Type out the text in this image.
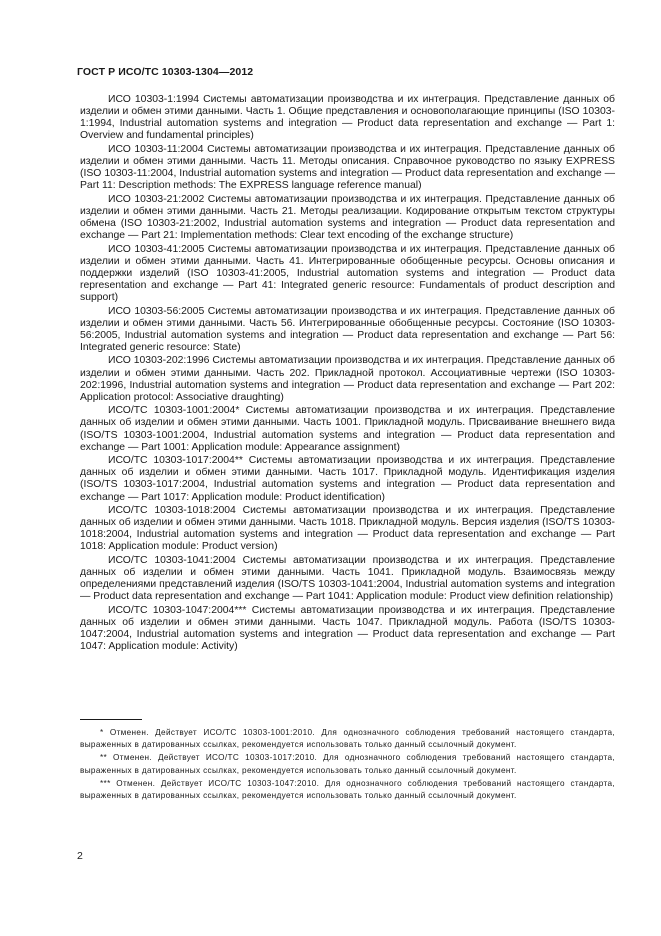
ГОСТ Р ИСО/ТС 10303-1304—2012

ИСО 10303-1:1994 Системы автоматизации производства и их интеграция. Представление данных об изделии и обмен этими данными. Часть 1. Общие представления и основополагающие принципы (ISO 10303-1:1994, Industrial automation systems and integration — Product data representation and exchange — Part 1: Overview and fundamental principles)

ИСО 10303-11:2004 Системы автоматизации производства и их интеграция. Представление данных об изделии и обмен этими данными. Часть 11. Методы описания. Справочное руководство по языку EXPRESS (ISO 10303-11:2004, Industrial automation systems and integration — Product data representation and exchange — Part 11: Description methods: The EXPRESS language reference manual)

ИСО 10303-21:2002 Системы автоматизации производства и их интеграция. Представление данных об изделии и обмен этими данными. Часть 21. Методы реализации. Кодирование открытым текстом структуры обмена (ISO 10303-21:2002, Industrial automation systems and integration — Product data representation and exchange — Part 21: Implementation methods: Clear text encoding of the exchange structure)

ИСО 10303-41:2005 Системы автоматизации производства и их интеграция. Представление данных об изделии и обмен этими данными. Часть 41. Интегрированные обобщенные ресурсы. Основы описания и поддержки изделий (ISO 10303-41:2005, Industrial automation systems and integration — Product data representation and exchange — Part 41: Integrated generic resource: Fundamentals of product description and support)

ИСО 10303-56:2005 Системы автоматизации производства и их интеграция. Представление данных об изделии и обмен этими данными. Часть 56. Интегрированные обобщенные ресурсы. Состояние (ISO 10303-56:2005, Industrial automation systems and integration — Product data representation and exchange — Part 56: Integrated generic resource: State)

ИСО 10303-202:1996 Системы автоматизации производства и их интеграция. Представление данных об изделии и обмен этими данными. Часть 202. Прикладной протокол. Ассоциативные чертежи (ISO 10303-202:1996, Industrial automation systems and integration — Product data representation and exchange — Part 202: Application protocol: Associative draughting)

ИСО/ТС 10303-1001:2004* Системы автоматизации производства и их интеграция. Представление данных об изделии и обмен этими данными. Часть 1001. Прикладной модуль. Присваивание внешнего вида (ISO/TS 10303-1001:2004, Industrial automation systems and integration — Product data representation and exchange — Part 1001: Application module: Appearance assignment)

ИСО/ТС 10303-1017:2004** Системы автоматизации производства и их интеграция. Представление данных об изделии и обмен этими данными. Часть 1017. Прикладной модуль. Идентификация изделия (ISO/TS 10303-1017:2004, Industrial automation systems and integration — Product data representation and exchange — Part 1017: Application module: Product identification)

ИСО/ТС 10303-1018:2004 Системы автоматизации производства и их интеграция. Представление данных об изделии и обмен этими данными. Часть 1018. Прикладной модуль. Версия изделия (ISO/TS 10303-1018:2004, Industrial automation systems and integration — Product data representation and exchange — Part 1018: Application module: Product version)

ИСО/ТС 10303-1041:2004 Системы автоматизации производства и их интеграция. Представление данных об изделии и обмен этими данными. Часть 1041. Прикладной модуль. Взаимосвязь между определениями представлений изделия (ISO/TS 10303-1041:2004, Industrial automation systems and integration — Product data representation and exchange — Part 1041: Application module: Product view definition relationship)

ИСО/ТС 10303-1047:2004*** Системы автоматизации производства и их интеграция. Представление данных об изделии и обмен этими данными. Часть 1047. Прикладной модуль. Работа (ISO/TS 10303-1047:2004, Industrial automation systems and integration — Product data representation and exchange — Part 1047: Application module: Activity)

* Отменен. Действует ИСО/ТС 10303-1001:2010. Для однозначного соблюдения требований настоящего стандарта, выраженных в датированных ссылках, рекомендуется использовать только данный ссылочный документ.

** Отменен. Действует ИСО/ТС 10303-1017:2010. Для однозначного соблюдения требований настоящего стандарта, выраженных в датированных ссылках, рекомендуется использовать только данный ссылочный документ.

*** Отменен. Действует ИСО/ТС 10303-1047:2010. Для однозначного соблюдения требований настоящего стандарта, выраженных в датированных ссылках, рекомендуется использовать только данный ссылочный документ.

2
